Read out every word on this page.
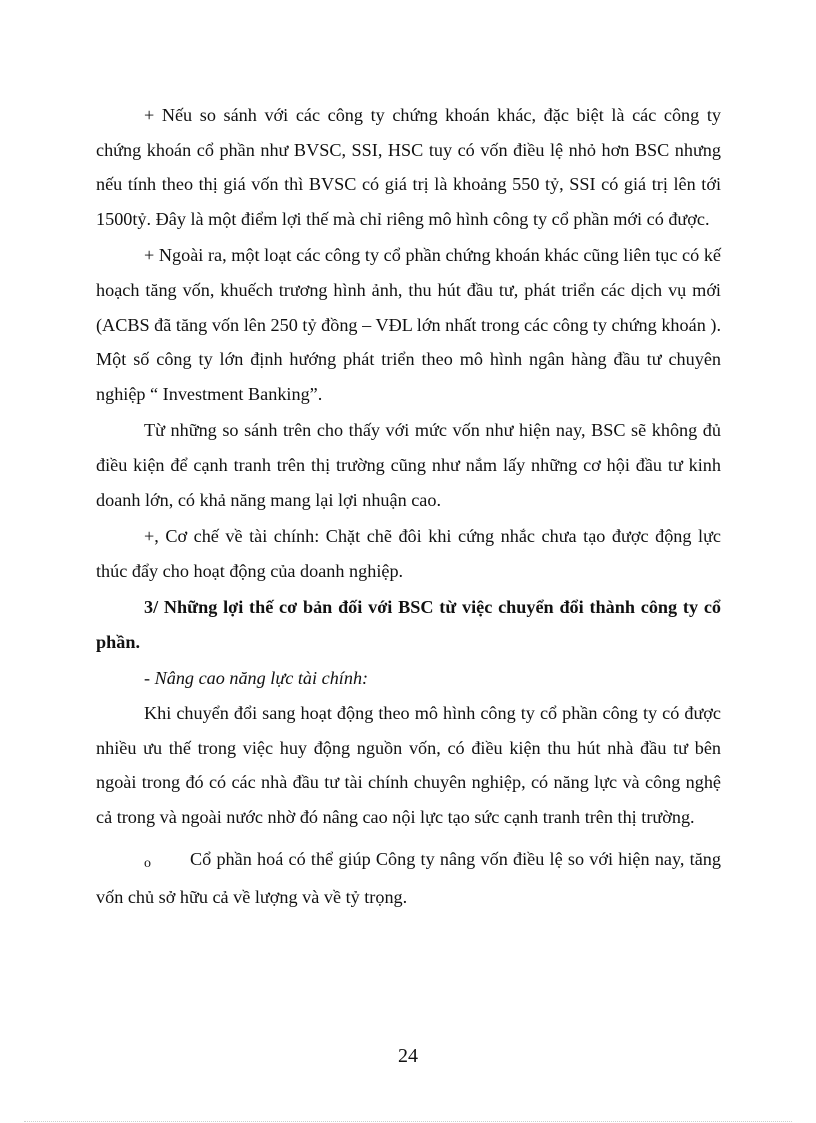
+ Nếu so sánh với các công ty chứng khoán khác, đặc biệt là các công ty chứng khoán cổ phần như BVSC, SSI, HSC tuy có vốn điều lệ nhỏ hơn BSC nhưng nếu tính theo thị giá vốn thì BVSC có giá trị là khoảng 550 tỷ, SSI có giá trị lên tới 1500tỷ. Đây là một điểm lợi thế mà chỉ riêng mô hình công ty cổ phần mới có được.

+ Ngoài ra, một loạt các công ty cổ phần chứng khoán khác cũng liên tục có kế hoạch tăng vốn, khuếch trương hình ảnh, thu hút đầu tư, phát triển các dịch vụ mới (ACBS đã tăng vốn lên 250 tỷ đồng – VĐL lớn nhất trong các công ty chứng khoán ). Một số công ty lớn định hướng phát triển theo mô hình ngân hàng đầu tư chuyên nghiệp “ Investment Banking”.

Từ những so sánh trên cho thấy với mức vốn như hiện nay, BSC sẽ không đủ điều kiện để cạnh tranh trên thị trường cũng như nắm lấy những cơ hội đầu tư kinh doanh lớn, có khả năng mang lại lợi nhuận cao.

+, Cơ chế về tài chính: Chặt chẽ đôi khi cứng nhắc chưa tạo được động lực thúc đẩy cho hoạt động của doanh nghiệp.

3/ Những lợi thế cơ bản đối với BSC từ việc chuyển đổi thành công ty cổ phần.

- Nâng cao năng lực tài chính:

Khi chuyển đổi sang hoạt động theo mô hình công ty cổ phần công ty có được nhiều ưu thế trong việc huy động nguồn vốn, có điều kiện thu hút nhà đầu tư bên ngoài trong đó có các nhà đầu tư tài chính chuyên nghiệp, có năng lực và công nghệ cả trong và ngoài nước nhờ đó nâng cao nội lực tạo sức cạnh tranh trên thị trường.

o Cổ phần hoá có thể giúp Công ty nâng vốn điều lệ so với hiện nay, tăng vốn chủ sở hữu cả về lượng và về tỷ trọng.

24
